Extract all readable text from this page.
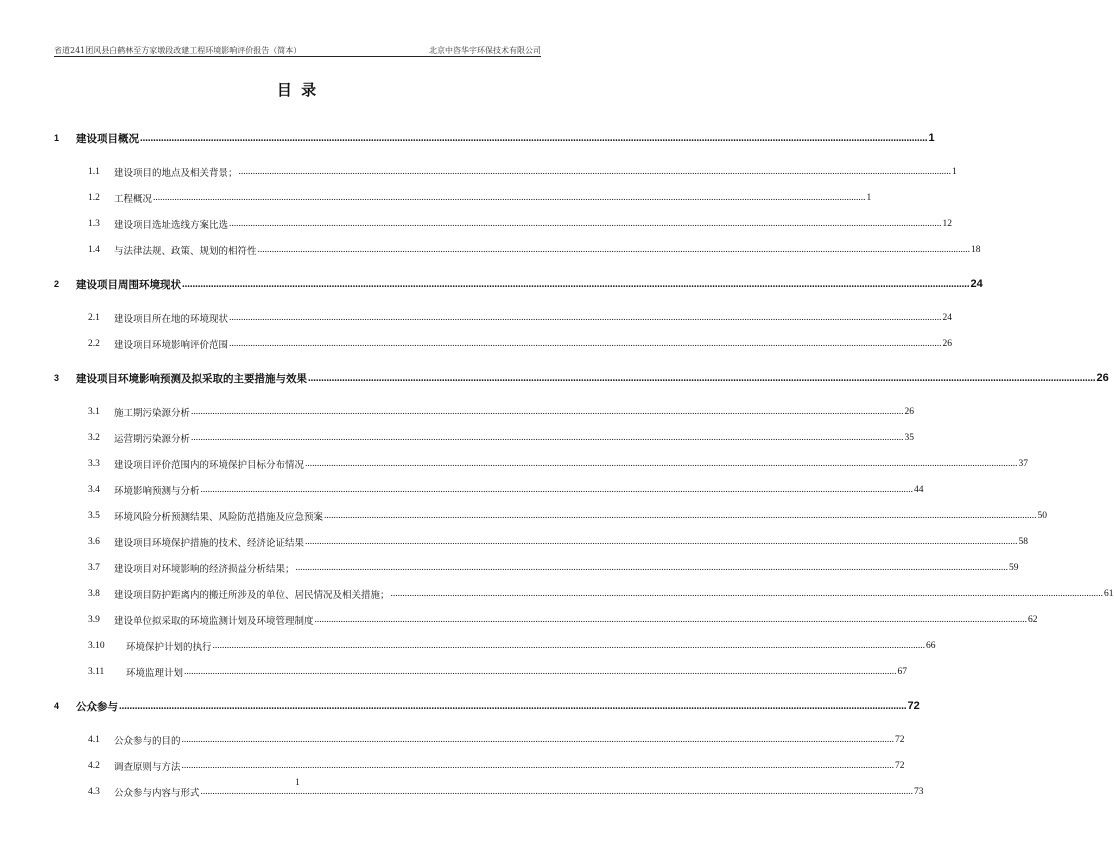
省道241团风县白鹤林至方家墩段改建工程环境影响评价报告（简本）	北京中咨华宇环保技术有限公司
目 录
1	建设项目概况 ............................................................................................................................................................................................................................................................................................................ 1
1.1	建设项目的地点及相关背景； ............................................................................................................................................................................................................................................................................................................ 1
1.2	工程概况 ............................................................................................................................................................................................................................................................................................................ 1
1.3	建设项目选址选线方案比选 ............................................................................................................................................................................................................................................................................................................ 12
1.4	与法律法规、政策、规划的相符性 ............................................................................................................................................................................................................................................................................................................ 18
2	建设项目周围环境现状 ............................................................................................................................................................................................................................................................................................................ 24
2.1	建设项目所在地的环境现状 ............................................................................................................................................................................................................................................................................................................ 24
2.2	建设项目环境影响评价范围 ............................................................................................................................................................................................................................................................................................................ 26
3	建设项目环境影响预测及拟采取的主要措施与效果 ............................................................................................................................................................................................................................................................................................................ 26
3.1	施工期污染源分析 ............................................................................................................................................................................................................................................................................................................ 26
3.2	运营期污染源分析 ............................................................................................................................................................................................................................................................................................................ 35
3.3	建设项目评价范围内的环境保护目标分布情况 ............................................................................................................................................................................................................................................................................................................ 37
3.4	环境影响预测与分析 ............................................................................................................................................................................................................................................................................................................ 44
3.5	环境风险分析预测结果、风险防范措施及应急预案 ............................................................................................................................................................................................................................................................................................................ 50
3.6	建设项目环境保护措施的技术、经济论证结果 ............................................................................................................................................................................................................................................................................................................ 58
3.7	建设项目对环境影响的经济损益分析结果； ............................................................................................................................................................................................................................................................................................................ 59
3.8	建设项目防护距离内的搬迁所涉及的单位、居民情况及相关措施； ............................................................................................................................................................................................................................................................................................................ 61
3.9	建设单位拟采取的环境监测计划及环境管理制度 ............................................................................................................................................................................................................................................................................................................ 62
3.10	环境保护计划的执行 ............................................................................................................................................................................................................................................................................................................ 66
3.11	环境监理计划 ............................................................................................................................................................................................................................................................................................................ 67
4	公众参与 ............................................................................................................................................................................................................................................................................................................ 72
4.1	公众参与的目的 ............................................................................................................................................................................................................................................................................................................ 72
4.2	调查原则与方法 ............................................................................................................................................................................................................................................................................................................ 72
4.3	公众参与内容与形式 ............................................................................................................................................................................................................................................................................................................ 73
1
